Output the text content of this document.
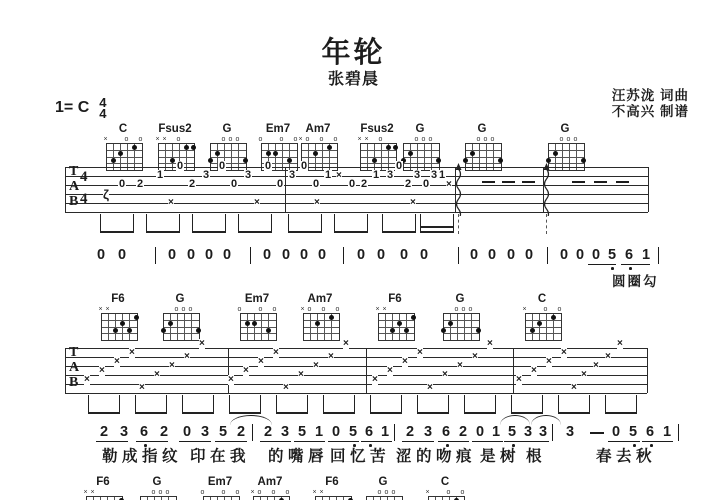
年轮
张碧晨
汪苏泷 词曲
不高兴 制谱
1= C 4
4
C
× o o
Fsus2
× × o
G
o o o
Em7
o o o
Am7
× o o o
Fsus2
× × o
G
o o o
G
o o o
G
o o o
F6
× ×
G
o o o
Em7
o o o
Am7
× o o o
F6
× ×
G
o o o
C
× o o
F6
× ×
G
o o o
Em7
o o o
Am7
× o o o
F6
× ×
G
o o o
C
× o o
T
A
B
4
4 ζ
0 2
1
×
0
2
3
0
0
3
×
0
0
3
0
0
1 ×
0 2
1
×
3
0
2
3
0
3 1
×
×
T
A
B ×
×
×
×
×
×
×
×
×
×
×
×
×
×
×
×
×
×
×
×
×
×
×
×
×
×
×
×
×
×
×
×
×	×	×	×
0 0	0 0 0 0 0 0 0 0 0 0 0 0	0 0 0 0 0 0 0 5 6 1
2 3 6 2 0 3 5 2 2 3 5 1 0 5 6 1 2 3 6 2 0 1 5 3 3 3	0 5 6 1
勒 成 指 纹 印 在 我 的 嘴 唇 回 忆 苦 涩 的 吻 痕 是 树 根	春 去 秋
圆圈勾
